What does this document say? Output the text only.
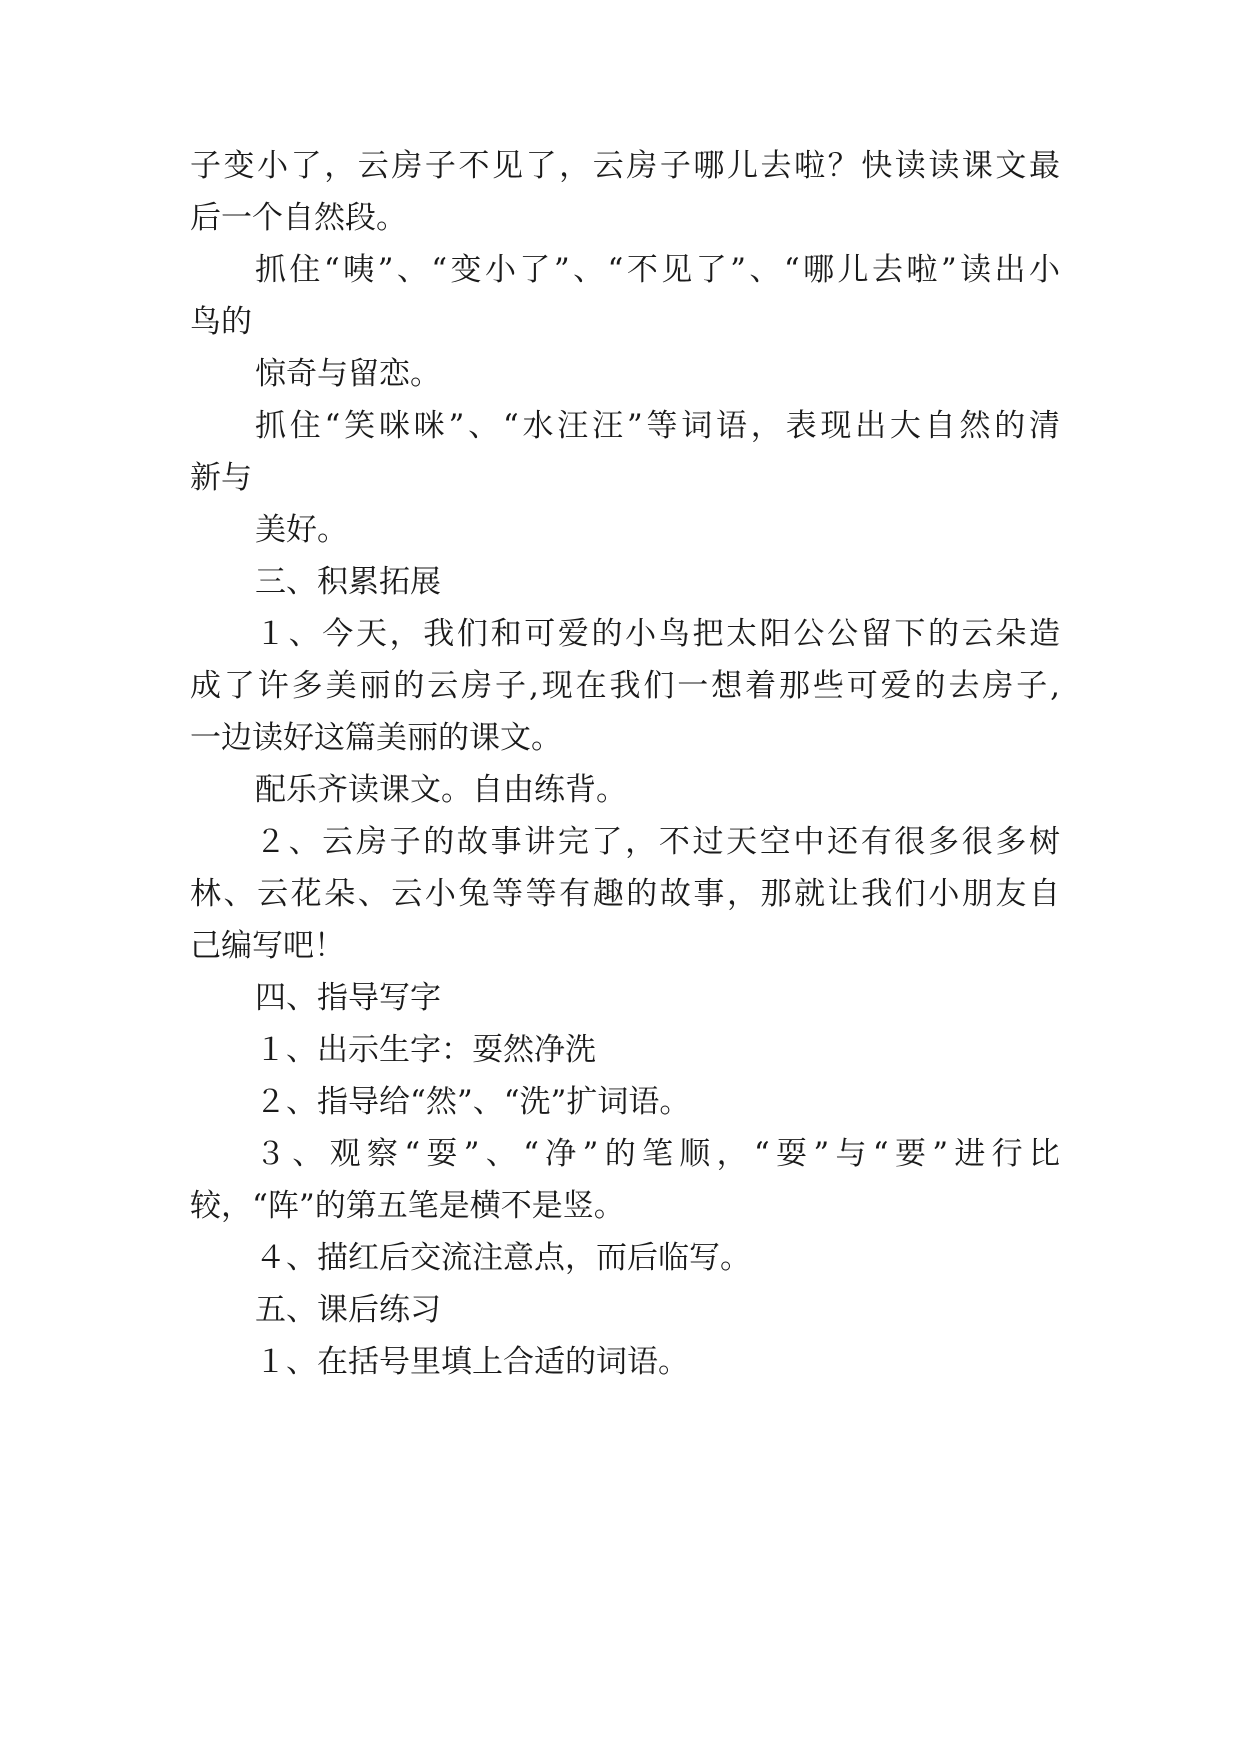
子变小了，云房子不见了，云房子哪儿去啦？快读读课文最
后一个自然段。
抓住“咦”、“变小了”、“不见了”、“哪儿去啦”读出小
鸟的
惊奇与留恋。
抓住“笑咪咪”、“水汪汪”等词语，表现出大自然的清
新与
美好。
三、积累拓展
１、今天，我们和可爱的小鸟把太阳公公留下的云朵造
成了许多美丽的云房子,现在我们一想着那些可爱的去房子,
一边读好这篇美丽的课文。
配乐齐读课文。自由练背。
２、云房子的故事讲完了，不过天空中还有很多很多树
林、云花朵、云小兔等等有趣的故事，那就让我们小朋友自
己编写吧！
四、指导写字
１、出示生字：耍然净洗
２、指导给“然”、“洗”扩词语。
３、观察“耍”、“净”的笔顺，“耍”与“要”进行比
较，“阵”的第五笔是横不是竖。
４、描红后交流注意点，而后临写。
五、课后练习
１、在括号里填上合适的词语。
